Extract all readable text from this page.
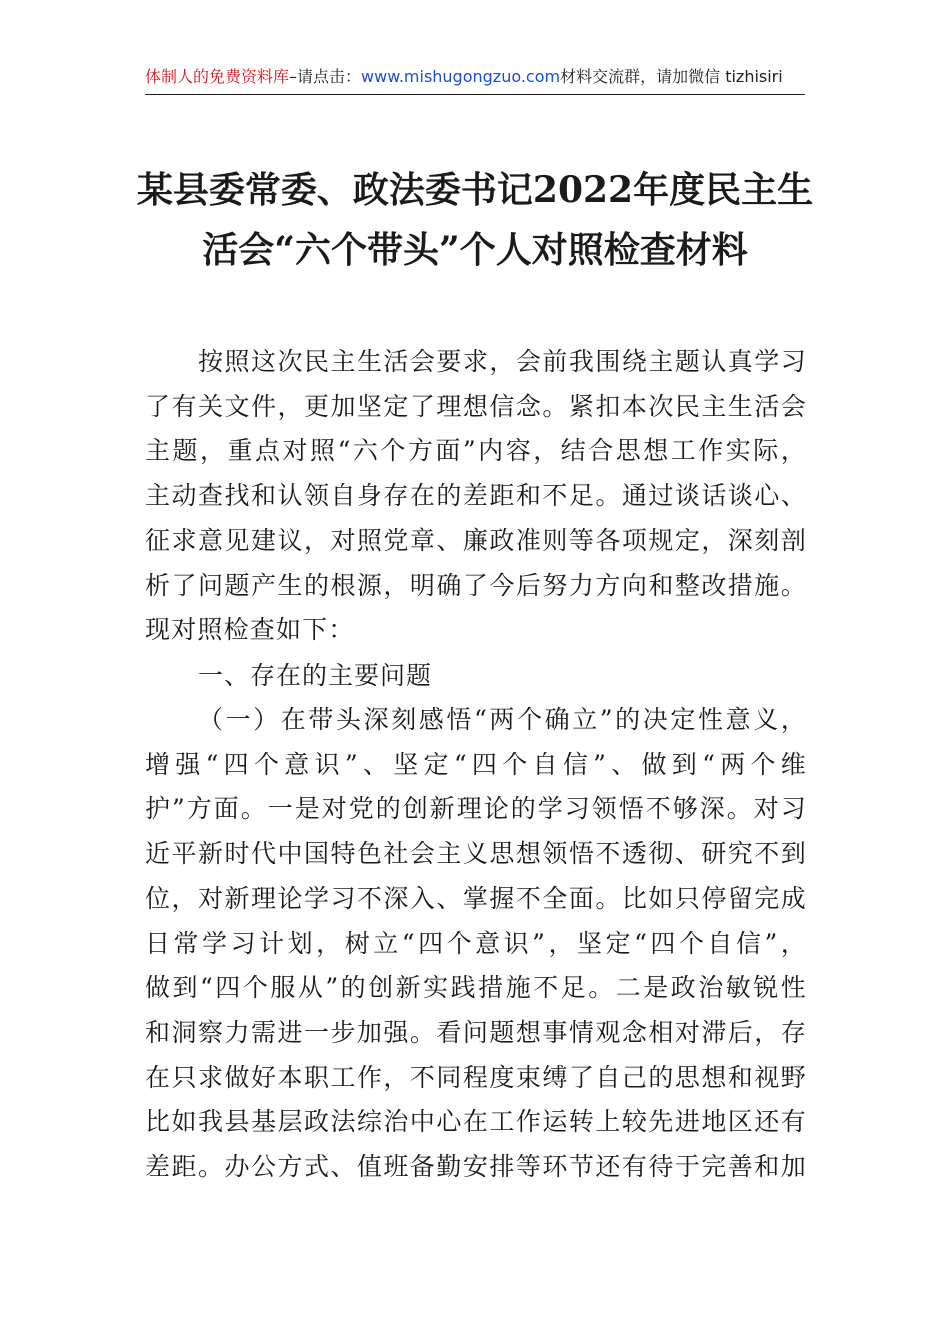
体制人的免费资料库–请点击：www.mishugongzuo.com材料交流群，请加微信 tizhisiri
某县委常委、政法委书记2022年度民主生
活会“六个带头”个人对照检查材料
按照这次民主生活会要求，会前我围绕主题认真学习
了有关文件，更加坚定了理想信念。紧扣本次民主生活会
主题，重点对照“六个方面”内容，结合思想工作实际，
主动查找和认领自身存在的差距和不足。通过谈话谈心、
征求意见建议，对照党章、廉政准则等各项规定，深刻剖
析了问题产生的根源，明确了今后努力方向和整改措施。
现对照检查如下：
一、存在的主要问题
（一）在带头深刻感悟“两个确立”的决定性意义，
增强“四个意识”、坚定“四个自信”、做到“两个维
护”方面。一是对党的创新理论的学习领悟不够深。对习
近平新时代中国特色社会主义思想领悟不透彻、研究不到
位，对新理论学习不深入、掌握不全面。比如只停留完成
日常学习计划，树立“四个意识”，坚定“四个自信”，
做到“四个服从”的创新实践措施不足。二是政治敏锐性
和洞察力需进一步加强。看问题想事情观念相对滞后，存
在只求做好本职工作，不同程度束缚了自己的思想和视野
比如我县基层政法综治中心在工作运转上较先进地区还有
差距。办公方式、值班备勤安排等环节还有待于完善和加
